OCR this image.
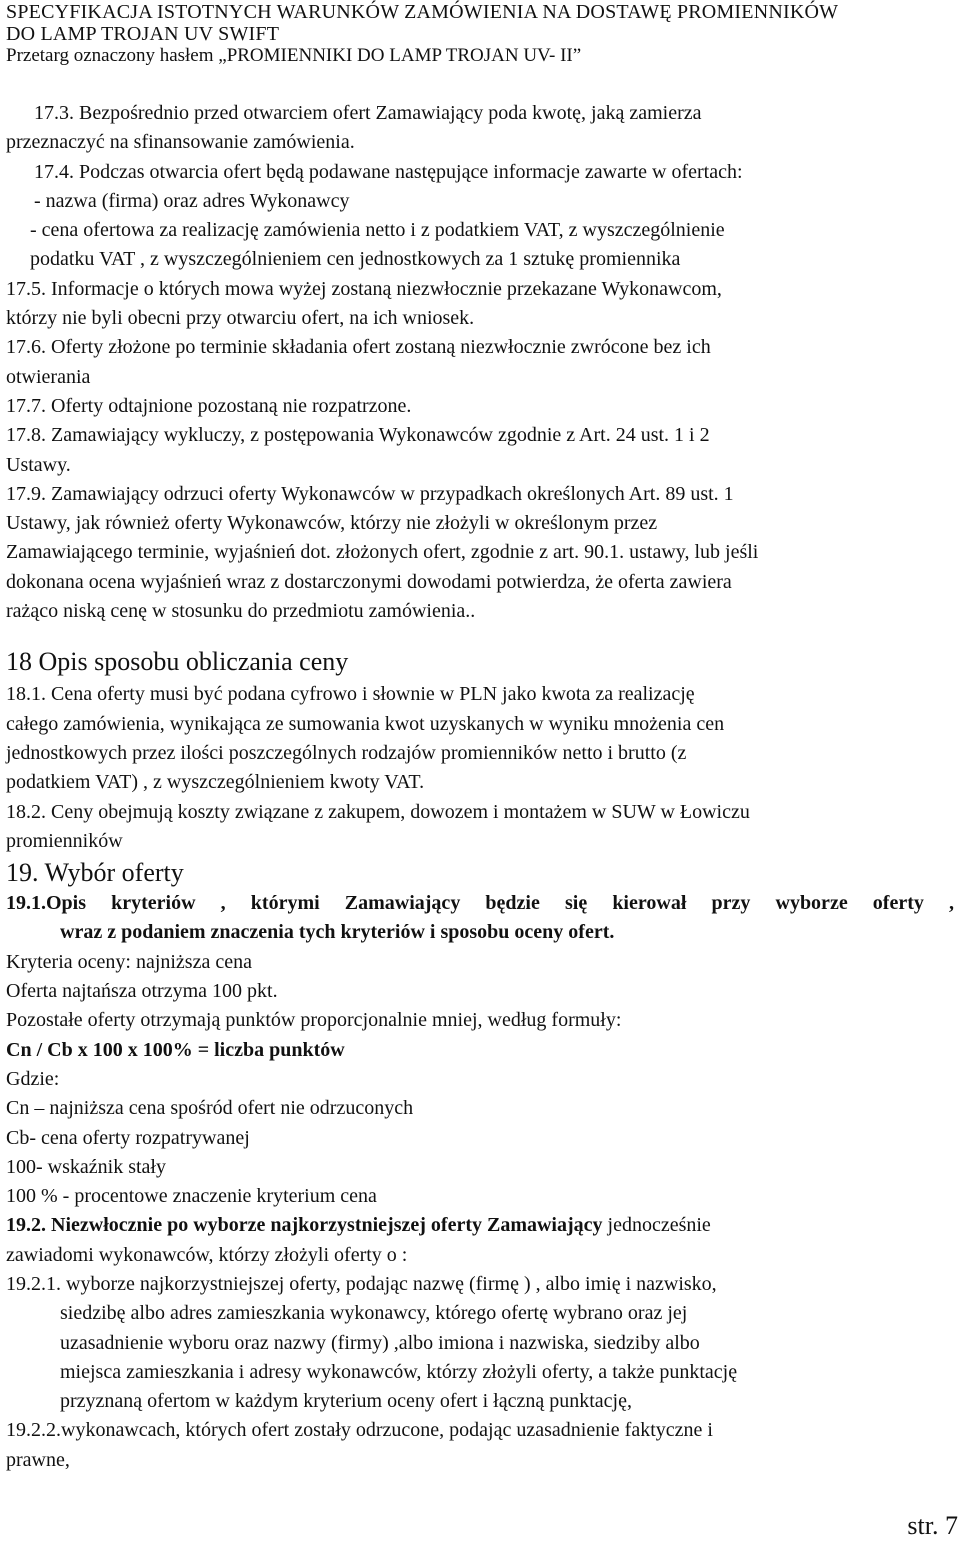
SPECYFIKACJA ISTOTNYCH WARUNKÓW ZAMÓWIENIA NA DOSTAWĘ PROMIENNIKÓW
DO LAMP TROJAN UV SWIFT
Przetarg oznaczony hasłem „PROMIENNIKI DO LAMP TROJAN UV- II”

17.3. Bezpośrednio przed otwarciem ofert Zamawiający poda kwotę, jaką zamierza

przeznaczyć na sfinansowanie zamówienia.

17.4. Podczas otwarcia ofert będą podawane następujące informacje zawarte w ofertach:

- nazwa (firma) oraz adres Wykonawcy

- cena ofertowa za realizację zamówienia netto i z podatkiem VAT, z wyszczególnienie

podatku VAT , z wyszczególnieniem cen jednostkowych za 1 sztukę promiennika

17.5. Informacje o których mowa wyżej zostaną niezwłocznie przekazane Wykonawcom,

którzy nie byli obecni przy otwarciu ofert, na ich wniosek.

17.6. Oferty złożone po terminie składania ofert zostaną niezwłocznie zwrócone bez ich

otwierania

17.7. Oferty odtajnione pozostaną nie rozpatrzone.

17.8. Zamawiający wykluczy, z postępowania Wykonawców zgodnie z Art. 24 ust. 1 i 2

Ustawy.

17.9. Zamawiający odrzuci oferty Wykonawców w przypadkach określonych Art. 89 ust. 1

Ustawy, jak również oferty Wykonawców, którzy nie złożyli w określonym przez

Zamawiającego terminie, wyjaśnień dot. złożonych ofert, zgodnie z art. 90.1. ustawy, lub jeśli

dokonana ocena wyjaśnień wraz z dostarczonymi dowodami potwierdza, że oferta zawiera

rażąco niską cenę w stosunku do przedmiotu zamówienia..

18 Opis sposobu obliczania ceny

18.1. Cena oferty musi być podana cyfrowo i słownie w PLN jako kwota za realizację

całego zamówienia, wynikająca ze sumowania kwot uzyskanych w wyniku mnożenia cen

jednostkowych przez ilości poszczególnych rodzajów promienników netto i brutto (z

podatkiem VAT) , z wyszczególnieniem kwoty VAT.

18.2. Ceny obejmują koszty związane z zakupem, dowozem i montażem w SUW w Łowiczu

promienników

19. Wybór oferty

19.1.Opis kryteriów , którymi Zamawiający będzie się kierował przy wyborze oferty ,

wraz z podaniem znaczenia tych kryteriów i sposobu oceny ofert.

Kryteria oceny: najniższa cena

Oferta najtańsza otrzyma 100 pkt.

Pozostałe oferty otrzymają punktów proporcjonalnie mniej, według formuły:

Cn / Cb x 100 x 100% = liczba punktów

Gdzie:

Cn – najniższa cena spośród ofert nie odrzuconych

Cb- cena oferty rozpatrywanej

100- wskaźnik stały

100 % - procentowe znaczenie kryterium cena

19.2. Niezwłocznie po wyborze najkorzystniejszej oferty Zamawiający jednocześnie

zawiadomi wykonawców, którzy złożyli oferty o :

19.2.1. wyborze najkorzystniejszej oferty, podając nazwę (firmę ) , albo imię i nazwisko,

siedzibę albo adres zamieszkania wykonawcy, którego ofertę wybrano oraz jej

uzasadnienie wyboru oraz nazwy (firmy) ,albo imiona i nazwiska, siedziby albo

miejsca zamieszkania i adresy wykonawców, którzy złożyli oferty, a także punktację

przyznaną ofertom w każdym kryterium oceny ofert i łączną punktację,

19.2.2.wykonawcach, których ofert zostały odrzucone, podając uzasadnienie faktyczne i

prawne,

str. 7
